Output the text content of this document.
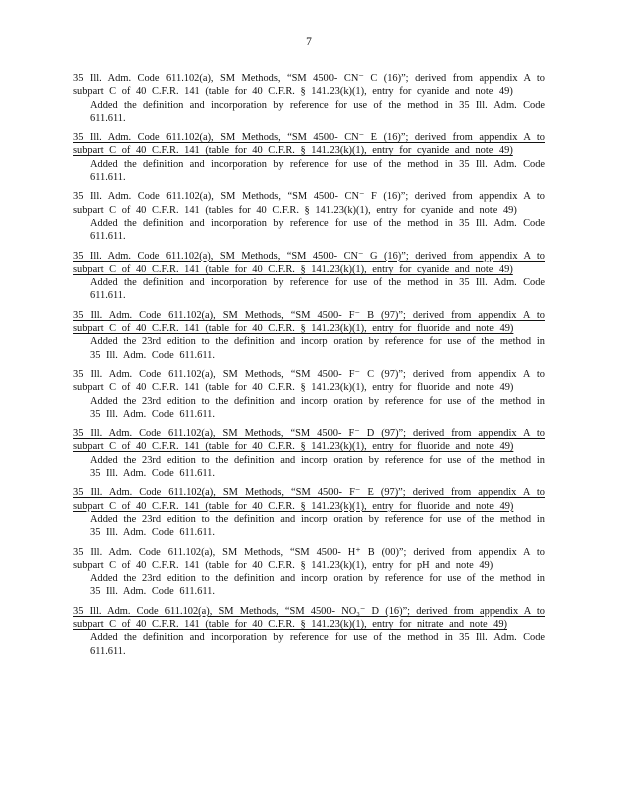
7
35 Ill. Adm. Code 611.102(a), SM Methods, “SM 4500- CN⁻ C (16)”; derived from appendix A to subpart C of 40 C.F.R. 141 (table for 40 C.F.R. § 141.23(k)(1), entry for cyanide and note 49)
Added the definition and incorporation by reference for use of the method in 35 Ill. Adm. Code 611.611.
35 Ill. Adm. Code 611.102(a), SM Methods, “SM 4500- CN⁻ E (16)”; derived from appendix A to subpart C of 40 C.F.R. 141 (table for 40 C.F.R. § 141.23(k)(1), entry for cyanide and note 49)
Added the definition and incorporation by reference for use of the method in 35 Ill. Adm. Code 611.611.
35 Ill. Adm. Code 611.102(a), SM Methods, “SM 4500- CN⁻ F (16)”; derived from appendix A to subpart C of 40 C.F.R. 141 (tables for 40 C.F.R. § 141.23(k)(1), entry for cyanide and note 49)
Added the definition and incorporation by reference for use of the method in 35 Ill. Adm. Code 611.611.
35 Ill. Adm. Code 611.102(a), SM Methods, “SM 4500- CN⁻ G (16)”; derived from appendix A to subpart C of 40 C.F.R. 141 (table for 40 C.F.R. § 141.23(k)(1), entry for cyanide and note 49)
Added the definition and incorporation by reference for use of the method in 35 Ill. Adm. Code 611.611.
35 Ill. Adm. Code 611.102(a), SM Methods, “SM 4500- F⁻ B (97)”; derived from appendix A to subpart C of 40 C.F.R. 141 (table for 40 C.F.R. § 141.23(k)(1), entry for fluoride and note 49)
Added the 23rd edition to the definition and incorp oration by reference for use of the method in 35 Ill. Adm. Code 611.611.
35 Ill. Adm. Code 611.102(a), SM Methods, “SM 4500- F⁻ C (97)”; derived from appendix A to subpart C of 40 C.F.R. 141 (table for 40 C.F.R. § 141.23(k)(1), entry for fluoride and note 49)
Added the 23rd edition to the definition and incorp oration by reference for use of the method in 35 Ill. Adm. Code 611.611.
35 Ill. Adm. Code 611.102(a), SM Methods, “SM 4500- F⁻ D (97)”; derived from appendix A to subpart C of 40 C.F.R. 141 (table for 40 C.F.R. § 141.23(k)(1), entry for fluoride and note 49)
Added the 23rd edition to the definition and incorp oration by reference for use of the method in 35 Ill. Adm. Code 611.611.
35 Ill. Adm. Code 611.102(a), SM Methods, “SM 4500- F⁻ E (97)”; derived from appendix A to subpart C of 40 C.F.R. 141 (table for 40 C.F.R. § 141.23(k)(1), entry for fluoride and note 49)
Added the 23rd edition to the definition and incorp oration by reference for use of the method in 35 Ill. Adm. Code 611.611.
35 Ill. Adm. Code 611.102(a), SM Methods, “SM 4500- H⁺ B (00)”; derived from appendix A to subpart C of 40 C.F.R. 141 (table for 40 C.F.R. § 141.23(k)(1), entry for pH and note 49)
Added the 23rd edition to the definition and incorp oration by reference for use of the method in 35 Ill. Adm. Code 611.611.
35 Ill. Adm. Code 611.102(a), SM Methods, “SM 4500- NO₃⁻ D (16)”; derived from appendix A to subpart C of 40 C.F.R. 141 (table for 40 C.F.R. § 141.23(k)(1), entry for nitrate and note 49)
Added the definition and incorporation by reference for use of the method in 35 Ill. Adm. Code 611.611.
